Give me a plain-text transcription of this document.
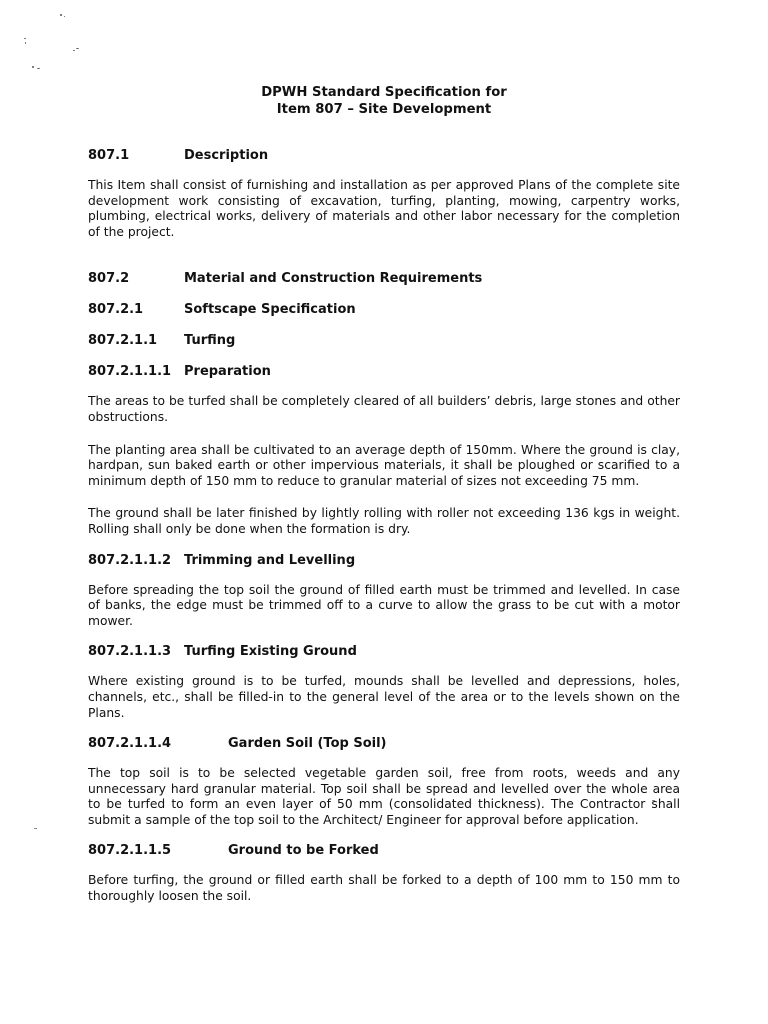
DPWH Standard Specification for
Item 807 – Site Development
807.1	Description

This Item shall consist of furnishing and installation as per approved Plans of the complete site development work consisting of excavation, turfing, planting, mowing, carpentry works, plumbing, electrical works, delivery of materials and other labor necessary for the completion of the project.

807.2	Material and Construction Requirements
807.2.1	Softscape Specification
807.2.1.1	Turfing
807.2.1.1.1 Preparation

The areas to be turfed shall be completely cleared of all builders’ debris, large stones and other obstructions.

The planting area shall be cultivated to an average depth of 150mm. Where the ground is clay, hardpan, sun baked earth or other impervious materials, it shall be ploughed or scarified to a minimum depth of 150 mm to reduce to granular material of sizes not exceeding 75 mm.

The ground shall be later finished by lightly rolling with roller not exceeding 136 kgs in weight. Rolling shall only be done when the formation is dry.

807.2.1.1.2 Trimming and Levelling

Before spreading the top soil the ground of filled earth must be trimmed and levelled. In case of banks, the edge must be trimmed off to a curve to allow the grass to be cut with a motor mower.

807.2.1.1.3 Turfing Existing Ground

Where existing ground is to be turfed, mounds shall be levelled and depressions, holes, channels, etc., shall be filled-in to the general level of the area or to the levels shown on the Plans.

807.2.1.1.4	Garden Soil (Top Soil)

The top soil is to be selected vegetable garden soil, free from roots, weeds and any unnecessary hard granular material. Top soil shall be spread and levelled over the whole area to be turfed to form an even layer of 50 mm (consolidated thickness). The Contractor shall submit a sample of the top soil to the Architect/ Engineer for approval before application.

807.2.1.1.5	Ground to be Forked

Before turfing, the ground or filled earth shall be forked to a depth of 100 mm to 150 mm to thoroughly loosen the soil.
